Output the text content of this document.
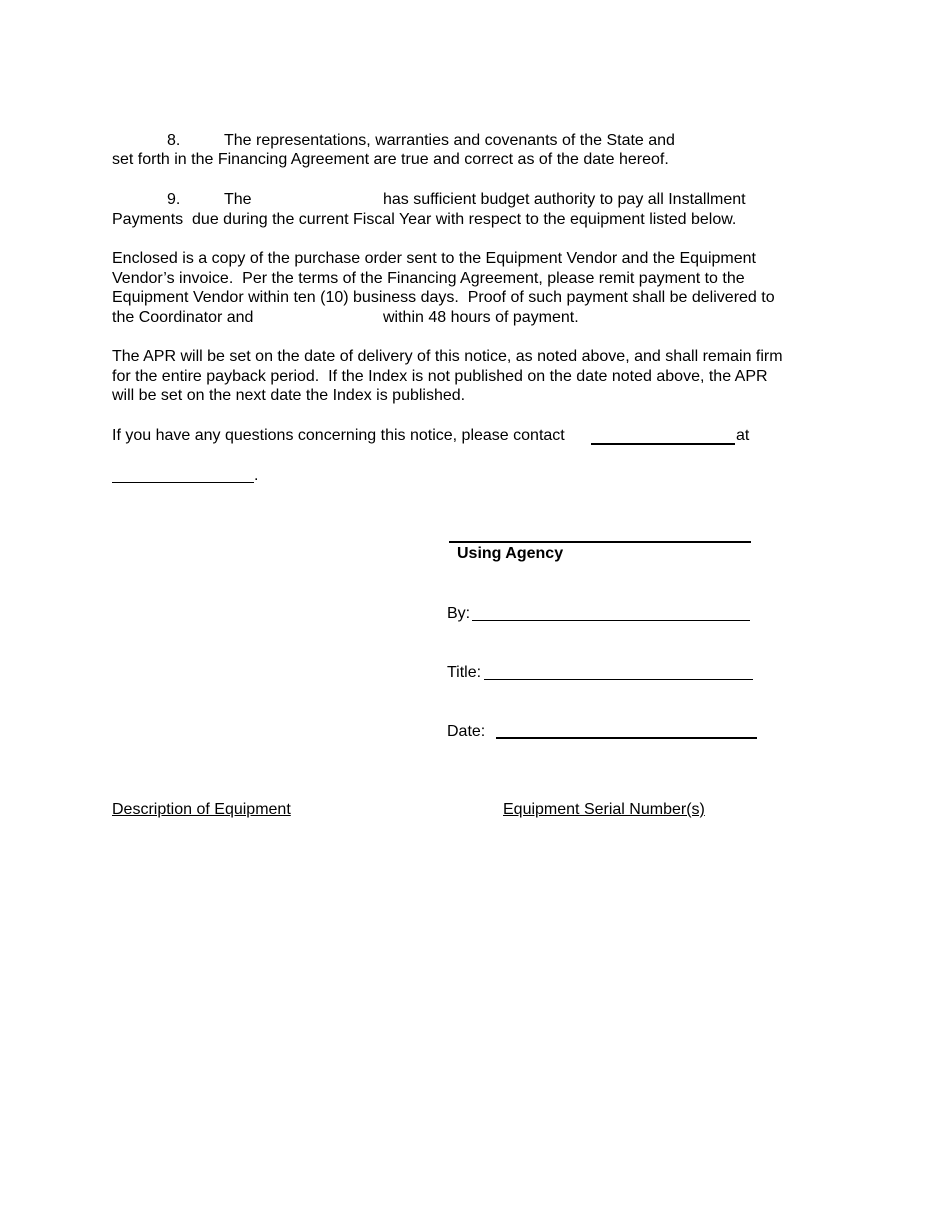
8.	The representations, warranties and covenants of the State and
set forth in the Financing Agreement are true and correct as of the date hereof.
9.	The	has sufficient budget authority to pay all Installment
Payments  due during the current Fiscal Year with respect to the equipment listed below.
Enclosed is a copy of the purchase order sent to the Equipment Vendor and the Equipment
Vendor’s invoice.  Per the terms of the Financing Agreement, please remit payment to the
Equipment Vendor within ten (10) business days.  Proof of such payment shall be delivered to
the Coordinator and	within 48 hours of payment.
The APR will be set on the date of delivery of this notice, as noted above, and shall remain firm
for the entire payback period.  If the Index is not published on the date noted above, the APR
will be set on the next date the Index is published.
If you have any questions concerning this notice, please contact	at
.
Using Agency
By:
Title:
Date:
Description of Equipment	Equipment Serial Number(s)
